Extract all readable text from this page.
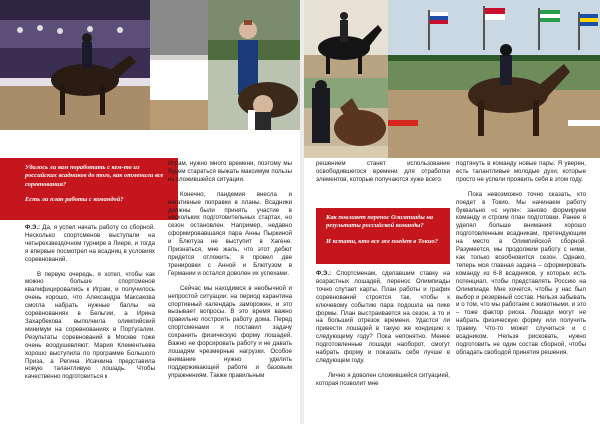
Удалось ли вам поработать с кем-то из российских всадников до того, как отменили все соревнования?

Есть ли план работы с командой?

Как повлияет перенос Олимпиады на результаты российской команды?

И кстати, кто все же поедет в Токио?

Ф.Э.: Да, я успел начать работу со сборной. Несколько спортсменов выступали на четырехзвездочном турнире в Лиере, и тогда я впервые посмотрел на всадниц в условиях соревнований.

В первую очередь, я хотел, чтобы как можно больше спортсменов квалифицировались к Играм, и получилось очень хорошо, что Александра Максакова смогла набрать нужные баллы на соревнованиях в Бельгии, а Ирина Захарбекова выполнила олимпийский минимум на соревнованиях в Португалии. Результаты соревнований в Москве тоже очень воодушевляют: Мария Клементьева хорошо выступила по программе Большого Приза, а Регина Исачкина представила новую талантливую лошадь. Чтобы качественно подготовиться к

Играм, нужно много времени, поэтому мы будем стараться выжать максимум пользы из сложившейся ситуации.

Конечно, пандемия внесла и негативные поправки в планы. Всадники должны были принять участие в нескольких подготовительных стартах, но сезон остановлен. Например, недавно сформировавшаяся пара Анны Пыркиной и Блютуза не выступит в Хагене. Признаться, мне жаль, что этот дебют придется отложить: я провел две тренировки с Анной и Блютузом в Германии и остался доволен их успехами.

Сейчас мы находимся в необычной и непростой ситуации: на период карантина спортивный календарь заморожен, и это вызывает вопросы. В это время важно правильно построить работу дома. Перед спортсменами я поставил задачу сохранить физическую форму лошадей. Важно не форсировать работу и не давать лошадям чрезмерные нагрузки. Особое внимание нужно уделить поддерживающей работе и базовым упражнениям. Также правильным

решением станет использование освободившегося времени для отработки элементов, которые получаются хуже всего.

Ф.Э.: Спортсменам, сделавшим ставку на возрастных лошадей, перенос Олимпиады точно спутает карты. План работы и график соревнований строятся так, чтобы к ключевому событию пара подошла на пике формы. План выстраивается на сезон, а то и на больший отрезок времени. Удастся ли привести лошадей в такую же кондицию к следующему году? Пока непонятно. Менее подготовленные лошади наоборот, смогут набрать форму и показать себя лучше в следующем году.

Лично я доволен сложившейся ситуацией, которая позволит мне

подтянуть в команду новые пары. Я уверен, есть талантливые молодые духи, которые просто не успели проявить себя в этом году.

Пока невозможно точно сказать, кто поедет в Токио. Мы начинаем работу буквально «с нуля»: заново формируем команду и строим план подготовки. Ранее я уделял больше внимания хорошо подготовленным всадникам, претендующим на место в Олимпийской сборной. Разумеется, мы продолжим работу с ними, как только возобновится сезон. Однако, теперь моя главная задача – сформировать команду из 6-8 всадников, у которых есть потенциал, чтобы представлять Россию на Олимпиаде. Мне хочется, чтобы у нас был выбор и резервный состав. Нельзя забывать и о том, что мы работаем с животными, и это – тоже фактор риска. Лошади могут не набрать физическую форму или получить травму. Что-то может случиться и с всадником. Нельзя рисковать, нужно подготовить не один состав сборной, чтобы обладать свободой принятия решения.
